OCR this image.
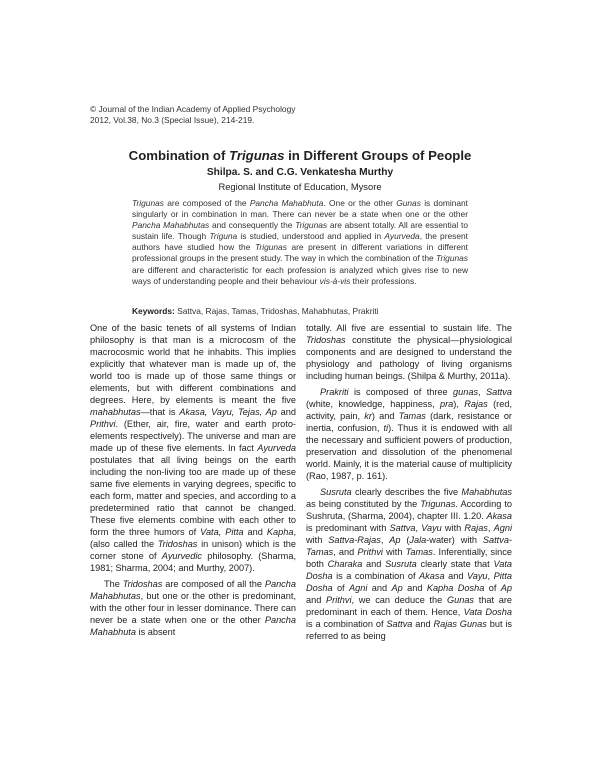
© Journal of the Indian Academy of Applied Psychology
2012, Vol.38, No.3 (Special Issue), 214-219.
Combination of Trigunas in Different Groups of People
Shilpa. S. and C.G. Venkatesha Murthy
Regional Institute of Education, Mysore
Trigunas are composed of the Pancha Mahabhuta. One or the other Gunas is dominant singularly or in combination in man. There can never be a state when one or the other Pancha Mahabhutas and consequently the Trigunas are absent totally. All are essential to sustain life. Though Triguna is studied, understood and applied in Ayurveda, the present authors have studied how the Trigunas are present in different variations in different professional groups in the present study. The way in which the combination of the Trigunas are different and characteristic for each profession is analyzed which gives rise to new ways of understanding people and their behaviour vis-à-vis their professions.
Keywords: Sattva, Rajas, Tamas, Tridoshas, Mahabhutas, Prakriti

One of the basic tenets of all systems of Indian philosophy is that man is a microcosm of the macrocosmic world that he inhabits. This implies explicitly that whatever man is made up of, the world too is made up of those same things or elements, but with different combinations and degrees. Here, by elements is meant the five mahabhutas—that is Akasa, Vayu, Tejas, Ap and Prithvi. (Ether, air, fire, water and earth proto-elements respectively). The universe and man are made up of these five elements. In fact Ayurveda postulates that all living beings on the earth including the non-living too are made up of these same five elements in varying degrees, specific to each form, matter and species, and according to a predetermined ratio that cannot be changed. These five elements combine with each other to form the three humors of Vata, Pitta and Kapha, (also called the Tridoshas in unison) which is the corner stone of Ayurvedic philosophy. (Sharma, 1981; Sharma, 2004; and Murthy, 2007).

The Tridoshas are composed of all the Pancha Mahabhutas, but one or the other is predominant, with the other four in lesser dominance. There can never be a state when one or the other Pancha Mahabhuta is absent

totally. All five are essential to sustain life. The Tridoshas constitute the physical—physiological components and are designed to understand the physiology and pathology of living organisms including human beings. (Shilpa & Murthy, 2011a).

Prakriti is composed of three gunas, Sattva (white, knowledge, happiness, pra), Rajas (red, activity, pain, kr) and Tamas (dark, resistance or inertia, confusion, ti). Thus it is endowed with all the necessary and sufficient powers of production, preservation and dissolution of the phenomenal world. Mainly, it is the material cause of multiplicity (Rao, 1987, p. 161).

Susruta clearly describes the five Mahabhutas as being constituted by the Trigunas. According to Sushruta, (Sharma, 2004), chapter III. 1.20. Akasa is predominant with Sattva, Vayu with Rajas, Agni with Sattva-Rajas, Ap (Jala-water) with Sattva-Tamas, and Prithvi with Tamas. Inferentially, since both Charaka and Susruta clearly state that Vata Dosha is a combination of Akasa and Vayu, Pitta Dosha of Agni and Ap and Kapha Dosha of Ap and Prithvi, we can deduce the Gunas that are predominant in each of them. Hence, Vata Dosha is a combination of Sattva and Rajas Gunas but is referred to as being
